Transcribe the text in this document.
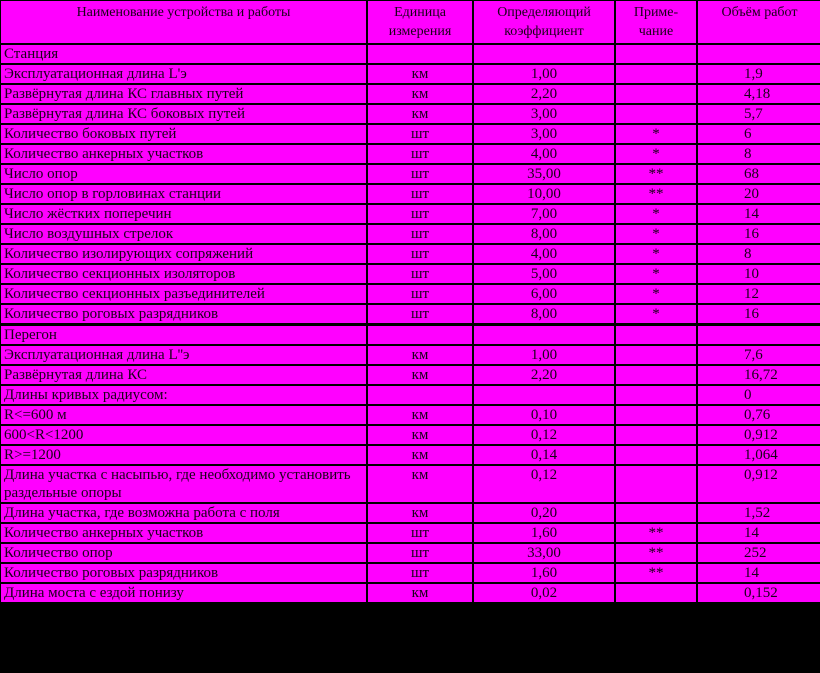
Наименование устройства и работы	Единица измерения	Определяющий коэффициент	Приме-чание	Объём работ
Станция				
Эксплуатационная длина L'э	км	1,00		1,9
Развёрнутая длина КС главных путей	км	2,20		4,18
Развёрнутая длина КС боковых путей	км	3,00		5,7
Количество боковых путей	шт	3,00	*	6
Количество анкерных участков	шт	4,00	*	8
Число опор	шт	35,00	**	68
Число опор в горловинах станции	шт	10,00	**	20
Число жёстких поперечин	шт	7,00	*	14
Число воздушных стрелок	шт	8,00	*	16
Количество изолирующих сопряжений	шт	4,00	*	8
Количество секционных изоляторов	шт	5,00	*	10
Количество секционных разъединителей	шт	6,00	*	12
Количество роговых разрядников	шт	8,00	*	16
Перегон				
Эксплуатационная длина L''э	км	1,00		7,6
Развёрнутая длина КС	км	2,20		16,72
Длины кривых радиусом:				0
R<=600 м	км	0,10		0,76
600<R<1200	км	0,12		0,912
R>=1200	км	0,14		1,064
Длина участка с насыпью, где необходимо установить раздельные опоры	км	0,12		0,912
Длина участка, где возможна работа с поля	км	0,20		1,52
Количество анкерных участков	шт	1,60	**	14
Количество опор	шт	33,00	**	252
Количество роговых разрядников	шт	1,60	**	14
Длина моста с ездой понизу	км	0,02		0,152
